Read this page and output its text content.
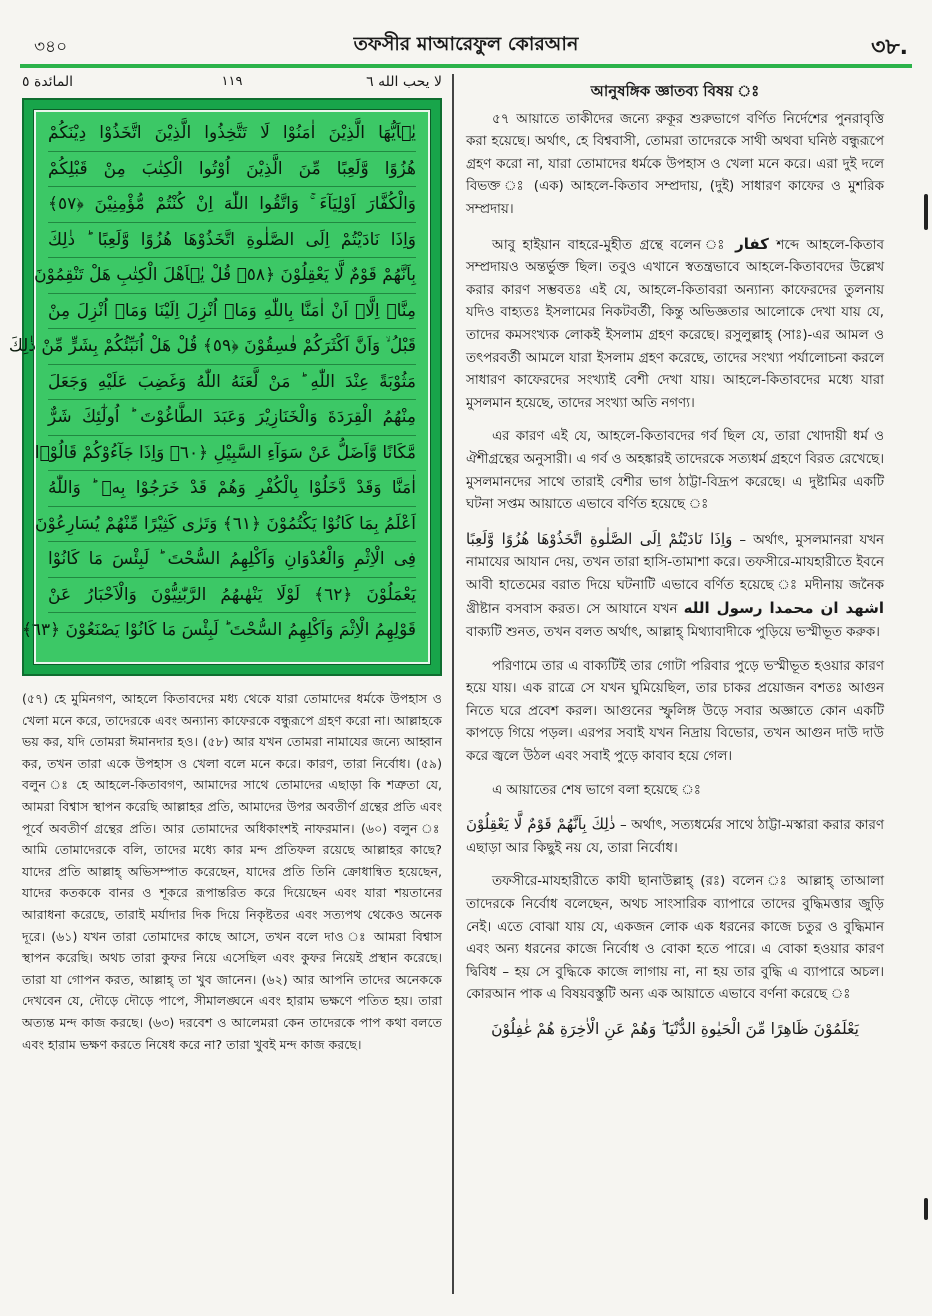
৩৪০	তফসীর মাআরেফুল কোরআন	৩৮.
لا يحب الله ٦
١١٩
المائدة ٥
يٰۤاَيُّهَا الَّذِيْنَ اٰمَنُوْا لَا تَتَّخِذُوا الَّذِيْنَ اتَّخَذُوْا دِيْنَكُمْ
هُزُوًا وَّلَعِبًا مِّنَ الَّذِيْنَ اُوْتُوا الْكِتٰبَ مِنْ قَبْلِكُمْ
وَالْكُفَّارَ اَوْلِيَآءَ ۚ وَاتَّقُوا اللّٰهَ اِنْ كُنْتُمْ مُّؤْمِنِيْنَ ﴿٥٧﴾
وَاِذَا نَادَيْتُمْ اِلَى الصَّلٰوةِ اتَّخَذُوْهَا هُزُوًا وَّلَعِبًا ؕ ذٰلِكَ
بِاَنَّهُمْ قَوْمٌ لَّا يَعْقِلُوْنَ ﴿٥٨﴾ قُلْ يٰۤاَهْلَ الْكِتٰبِ هَلْ تَنْقِمُوْنَ
مِنَّاۤ اِلَّاۤ اَنْ اٰمَنَّا بِاللّٰهِ وَمَاۤ اُنْزِلَ اِلَيْنَا وَمَاۤ اُنْزِلَ مِنْ
قَبْلُ ۙ وَاَنَّ اَكْثَرَكُمْ فٰسِقُوْنَ ﴿٥٩﴾ قُلْ هَلْ اُنَبِّئُكُمْ بِشَرٍّ مِّنْ ذٰلِكَ
مَثُوْبَةً عِنْدَ اللّٰهِ ؕ مَنْ لَّعَنَهُ اللّٰهُ وَغَضِبَ عَلَيْهِ وَجَعَلَ
مِنْهُمُ الْقِرَدَةَ وَالْخَنَازِيْرَ وَعَبَدَ الطَّاغُوْتَ ؕ اُولٰٓئِكَ شَرٌّ
مَّكَانًا وَّاَضَلُّ عَنْ سَوَآءِ السَّبِيْلِ ﴿٦٠﴾ وَاِذَا جَآءُوْكُمْ قَالُوْۤا
اٰمَنَّا وَقَدْ دَّخَلُوْا بِالْكُفْرِ وَهُمْ قَدْ خَرَجُوْا بِهٖ ؕ وَاللّٰهُ
اَعْلَمُ بِمَا كَانُوْا يَكْتُمُوْنَ ﴿٦١﴾ وَتَرٰى كَثِيْرًا مِّنْهُمْ يُسَارِعُوْنَ
فِى الْاِثْمِ وَالْعُدْوَانِ وَاَكْلِهِمُ السُّحْتَ ؕ لَبِئْسَ مَا كَانُوْا
يَعْمَلُوْنَ ﴿٦٢﴾ لَوْلَا يَنْهٰىهُمُ الرَّبّٰنِيُّوْنَ وَالْاَحْبَارُ عَنْ
قَوْلِهِمُ الْاِثْمَ وَاَكْلِهِمُ السُّحْتَ ؕ لَبِئْسَ مَا كَانُوْا يَصْنَعُوْنَ ﴿٦٣﴾

(৫৭) হে মুমিনগণ, আহলে কিতাবদের মধ্য থেকে যারা তোমাদের ধর্মকে উপহাস ও খেলা মনে করে, তাদেরকে এবং অন্যান্য কাফেরকে বন্ধুরূপে গ্রহণ করো না। আল্লাহকে ভয় কর, যদি তোমরা ঈমানদার হও। (৫৮) আর যখন তোমরা নামাযের জন্যে আহ্বান কর, তখন তারা একে উপহাস ও খেলা বলে মনে করে। কারণ, তারা নির্বোধ। (৫৯) বলুন ঃ হে আহলে-কিতাবগণ, আমাদের সাথে তোমাদের এছাড়া কি শত্রুতা যে, আমরা বিশ্বাস স্থাপন করেছি আল্লাহর প্রতি, আমাদের উপর অবতীর্ণ গ্রন্থের প্রতি এবং পূর্বে অবতীর্ণ গ্রন্থের প্রতি। আর তোমাদের অধিকাংশই নাফরমান। (৬০) বলুন ঃ আমি তোমাদেরকে বলি, তাদের মধ্যে কার মন্দ প্রতিফল রয়েছে আল্লাহর কাছে? যাদের প্রতি আল্লাহ্ অভিসম্পাত করেছেন, যাদের প্রতি তিনি ক্রোধান্বিত হয়েছেন, যাদের কতককে বানর ও শূকরে রূপান্তরিত করে দিয়েছেন এবং যারা শয়তানের আরাধনা করেছে, তারাই মর্যাদার দিক দিয়ে নিকৃষ্টতর এবং সত্যপথ থেকেও অনেক দূরে। (৬১) যখন তারা তোমাদের কাছে আসে, তখন বলে দাও ঃ আমরা বিশ্বাস স্থাপন করেছি। অথচ তারা কুফর নিয়ে এসেছিল এবং কুফর নিয়েই প্রস্থান করেছে। তারা যা গোপন করত, আল্লাহ্ তা খুব জানেন। (৬২) আর আপনি তাদের অনেককে দেখবেন যে, দৌড়ে দৌড়ে পাপে, সীমালঙ্ঘনে এবং হারাম ভক্ষণে পতিত হয়। তারা অত্যন্ত মন্দ কাজ করছে। (৬৩) দরবেশ ও আলেমরা কেন তাদেরকে পাপ কথা বলতে এবং হারাম ভক্ষণ করতে নিষেধ করে না? তারা খুবই মন্দ কাজ করছে।

আনুষঙ্গিক জ্ঞাতব্য বিষয় ঃ

৫৭ আয়াতে তাকীদের জন্যে রুকূর শুরুভাগে বর্ণিত নির্দেশের পুনরাবৃত্তি করা হয়েছে। অর্থাৎ, হে বিশ্ববাসী, তোমরা তাদেরকে সাথী অথবা ঘনিষ্ঠ বন্ধুরূপে গ্রহণ করো না, যারা তোমাদের ধর্মকে উপহাস ও খেলা মনে করে। এরা দুই দলে বিভক্ত ঃ (এক) আহলে-কিতাব সম্প্রদায়, (দুই) সাধারণ কাফের ও মুশরিক সম্প্রদায়।

আবু হাইয়ান বাহরে-মুহীত গ্রন্থে বলেন ঃ كفار শব্দে আহলে-কিতাব সম্প্রদায়ও অন্তর্ভুক্ত ছিল। তবুও এখানে স্বতন্ত্রভাবে আহলে-কিতাবদের উল্লেখ করার কারণ সম্ভবতঃ এই যে, আহলে-কিতাবরা অন্যান্য কাফেরদের তুলনায় যদিও বাহ্যতঃ ইসলামের নিকটবর্তী, কিন্তু অভিজ্ঞতার আলোকে দেখা যায় যে, তাদের কমসংখ্যক লোকই ইসলাম গ্রহণ করেছে। রসুলুল্লাহ্ (সাঃ)-এর আমল ও তৎপরবর্তী আমলে যারা ইসলাম গ্রহণ করেছে, তাদের সংখ্যা পর্যালোচনা করলে সাধারণ কাফেরদের সংখ্যাই বেশী দেখা যায়। আহলে-কিতাবদের মধ্যে যারা মুসলমান হয়েছে, তাদের সংখ্যা অতি নগণ্য।

এর কারণ এই যে, আহলে-কিতাবদের গর্ব ছিল যে, তারা খোদায়ী ধর্ম ও ঐশীগ্রন্থের অনুসারী। এ গর্ব ও অহঙ্কারই তাদেরকে সত্যধর্ম গ্রহণে বিরত রেখেছে। মুসলমানদের সাথে তারাই বেশীর ভাগ ঠাট্টা-বিদ্রূপ করেছে। এ দুষ্টামির একটি ঘটনা সপ্তম আয়াতে এভাবে বর্ণিত হয়েছে ঃ

وَاِذَا نَادَيْتُمْ اِلَى الصَّلٰوةِ اتَّخَذُوْهَا هُزُوًا وَّلَعِبًا – অর্থাৎ, মুসলমানরা যখন নামাযের আযান দেয়, তখন তারা হাসি-তামাশা করে। তফসীরে-মাযহারীতে ইবনে আবী হাতেমের বরাত দিয়ে ঘটনাটি এভাবে বর্ণিত হয়েছে ঃ মদীনায় জনৈক খ্রীষ্টান বসবাস করত। সে আযানে যখন اشهد ان محمدا رسول الله বাক্যটি শুনত, তখন বলত অর্থাৎ, আল্লাহ্ মিথ্যাবাদীকে পুড়িয়ে ভস্মীভূত করুক।

পরিণামে তার এ বাক্যটিই তার গোটা পরিবার পুড়ে ভস্মীভূত হওয়ার কারণ হয়ে যায়। এক রাত্রে সে যখন ঘুমিয়েছিল, তার চাকর প্রয়োজন বশতঃ আগুন নিতে ঘরে প্রবেশ করল। আগুনের স্ফুলিঙ্গ উড়ে সবার অজ্ঞাতে কোন একটি কাপড়ে গিয়ে পড়ল। এরপর সবাই যখন নিদ্রায় বিভোর, তখন আগুন দাউ দাউ করে জ্বলে উঠল এবং সবাই পুড়ে কাবাব হয়ে গেল।

এ আয়াতের শেষ ভাগে বলা হয়েছে ঃ

ذٰلِكَ بِاَنَّهُمْ قَوْمٌ لَّا يَعْقِلُوْنَ – অর্থাৎ, সত্যধর্মের সাথে ঠাট্টা-মস্কারা করার কারণ এছাড়া আর কিছুই নয় যে, তারা নির্বোধ।

তফসীরে-মাযহারীতে কাযী ছানাউল্লাহ্ (রঃ) বলেন ঃ আল্লাহ্ তাআলা তাদেরকে নির্বোধ বলেছেন, অথচ সাংসারিক ব্যাপারে তাদের বুদ্ধিমত্তার জুড়ি নেই। এতে বোঝা যায় যে, একজন লোক এক ধরনের কাজে চতুর ও বুদ্ধিমান এবং অন্য ধরনের কাজে নির্বোধ ও বোকা হতে পারে। এ বোকা হওয়ার কারণ দ্বিবিধ – হয় সে বুদ্ধিকে কাজে লাগায় না, না হয় তার বুদ্ধি এ ব্যাপারে অচল। কোরআন পাক এ বিষয়বস্তুটি অন্য এক আয়াতে এভাবে বর্ণনা করেছে ঃ

يَعْلَمُوْنَ ظَاهِرًا مِّنَ الْحَيٰوةِ الدُّنْيَا ۖ وَهُمْ عَنِ الْاٰخِرَةِ هُمْ غٰفِلُوْنَ
